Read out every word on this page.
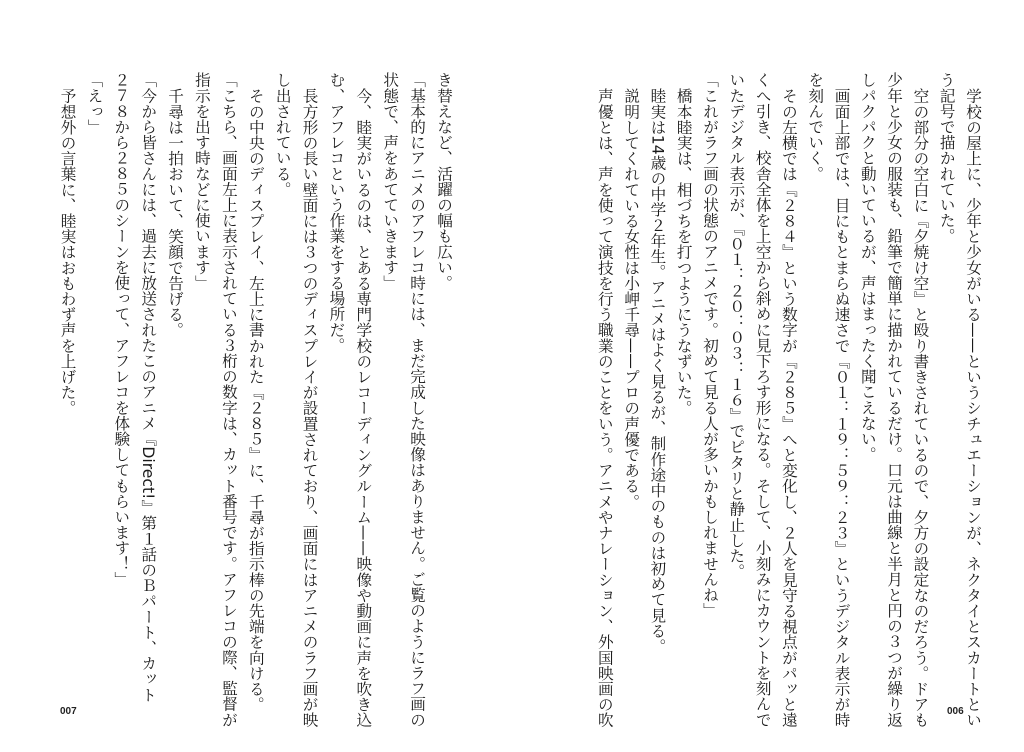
学校の屋上に、少年と少女がいる——というシチュエーションが、ネクタイとスカートとい
う記号で描かれていた。
空の部分の空白に『夕焼け空』と殴り書きされているので、夕方の設定なのだろう。ドアも
少年と少女の服装も、鉛筆で簡単に描かれているだけ。口元は曲線と半月と円の３つが繰り返
しパクパクと動いているが、声はまったく聞こえない。
画面上部では、目にもとまらぬ速さで『０１：１９：５９：２３』というデジタル表示が時
を刻んでいく。
その左横では『２８４』という数字が『２８５』へと変化し、２人を見守る視点がパッと遠
くへ引き、校舎全体を上空から斜めに見下ろす形になる。そして、小刻みにカウントを刻んで
いたデジタル表示が、『０１：２０：０３：１６』でピタリと静止した。
「これがラフ画の状態のアニメです。初めて見る人が多いかもしれませんね」
橋本睦実は、相づちを打つようにうなずいた。
睦実は14歳の中学２年生。アニメはよく見るが、制作途中のものは初めて見る。
説明してくれている女性は小岬千尋——プロの声優である。
声優とは、声を使って演技を行う職業のことをいう。アニメやナレーション、外国映画の吹
き替えなど、活躍の幅も広い。
「基本的にアニメのアフレコ時には、まだ完成した映像はありません。ご覧のようにラフ画の
状態で、声をあてていきます」
今、睦実がいるのは、とある専門学校のレコーディングルーム——映像や動画に声を吹き込
む、アフレコという作業をする場所だ。
長方形の長い壁面には３つのディスプレイが設置されており、画面にはアニメのラフ画が映
し出されている。
その中央のディスプレイ、左上に書かれた『２８５』に、千尋が指示棒の先端を向ける。
「こちら、画面左上に表示されている３桁の数字は、カット番号です。アフレコの際、監督が
指示を出す時などに使います」
千尋は一拍おいて、笑顔で告げる。
「今から皆さんには、過去に放送されたこのアニメ『Direct!』第１話のＢパート、カット
２７８から２８５のシーンを使って、アフレコを体験してもらいます！」
「えっ」
予想外の言葉に、睦実はおもわず声を上げた。
007	006
